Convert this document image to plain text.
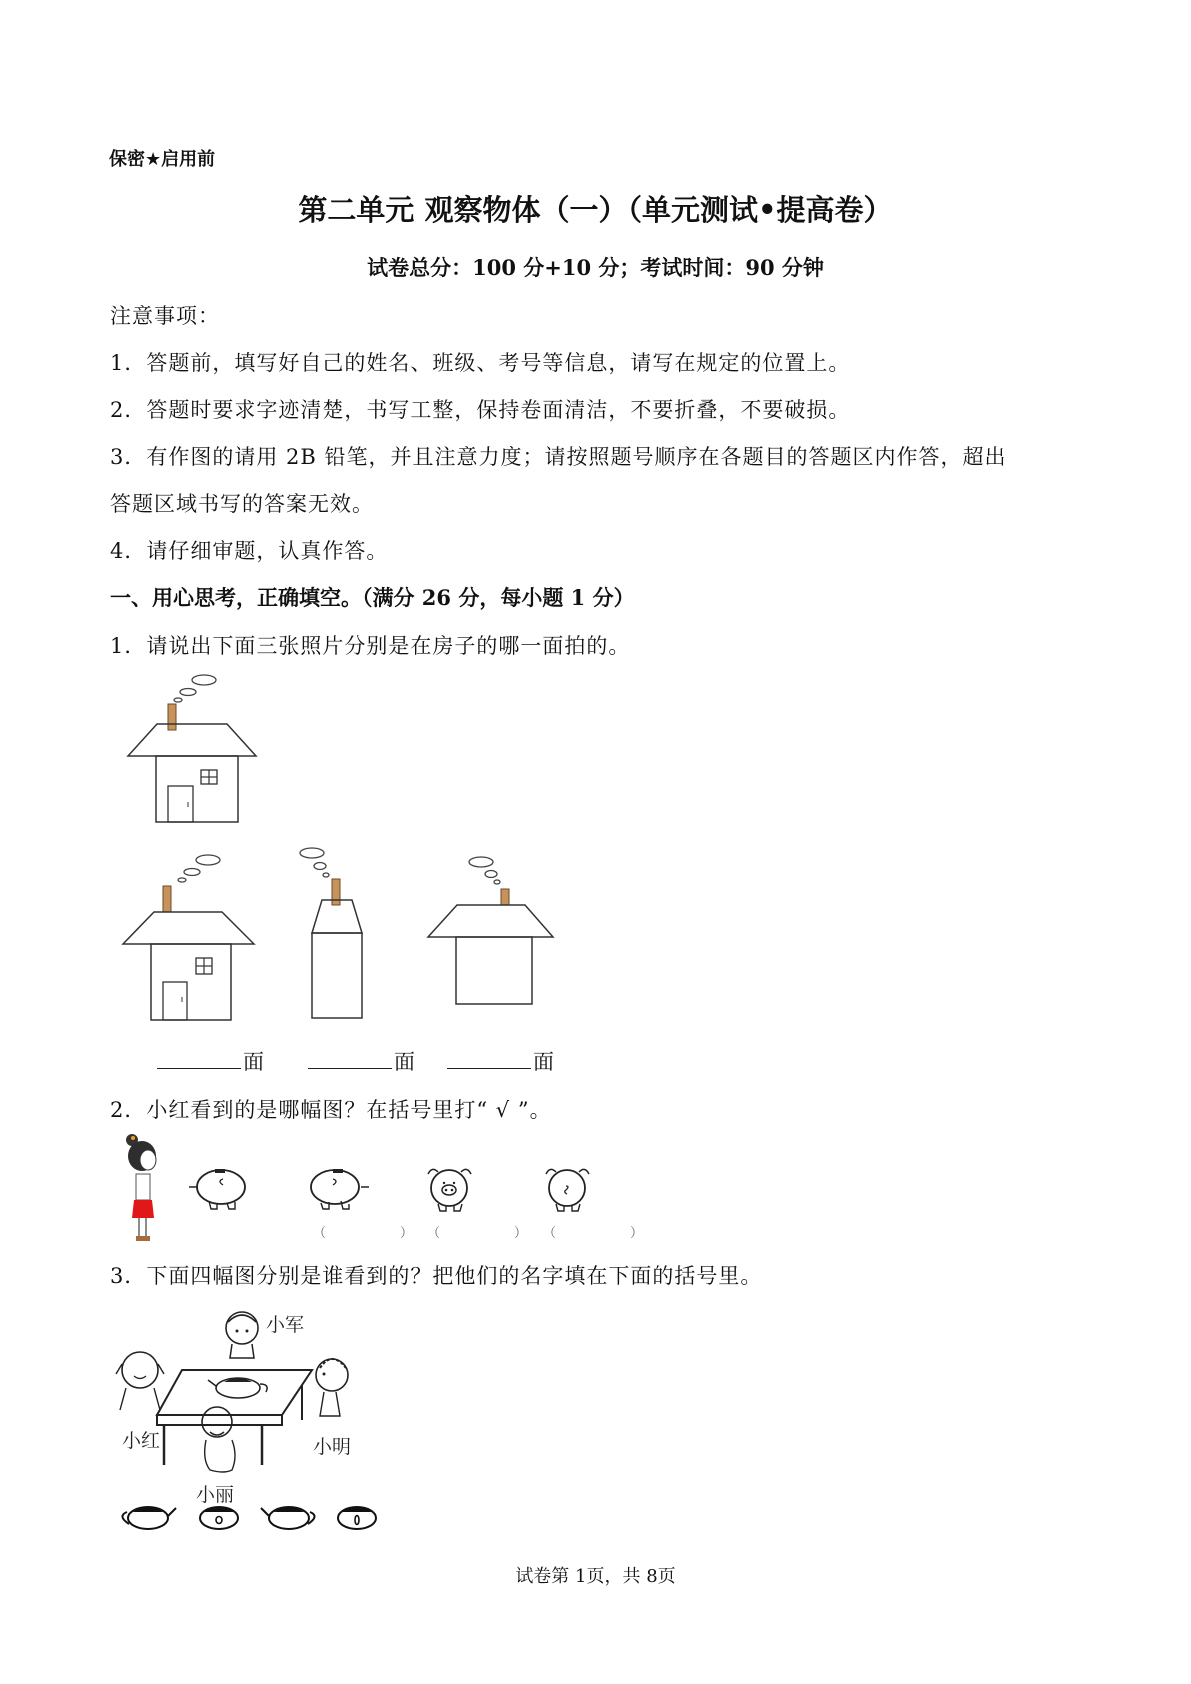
保密★启用前
第二单元 观察物体（一）（单元测试•提高卷）
试卷总分：100 分+10 分；考试时间：90 分钟
注意事项：
1．答题前，填写好自己的姓名、班级、考号等信息，请写在规定的位置上。
2．答题时要求字迹清楚，书写工整，保持卷面清洁，不要折叠，不要破损。
3．有作图的请用 2B 铅笔，并且注意力度；请按照题号顺序在各题目的答题区内作答，超出
答题区域书写的答案无效。
4．请仔细审题，认真作答。
一、用心思考，正确填空。（满分 26 分，每小题 1 分）
1．请说出下面三张照片分别是在房子的哪一面拍的。
面	面	面
2．小红看到的是哪幅图？在括号里打“ √ ”。
（　　）
（　　） （　　）
3．下面四幅图分别是谁看到的？把他们的名字填在下面的括号里。
小军
小红	小明
小丽
试卷第 1页，共 8页
